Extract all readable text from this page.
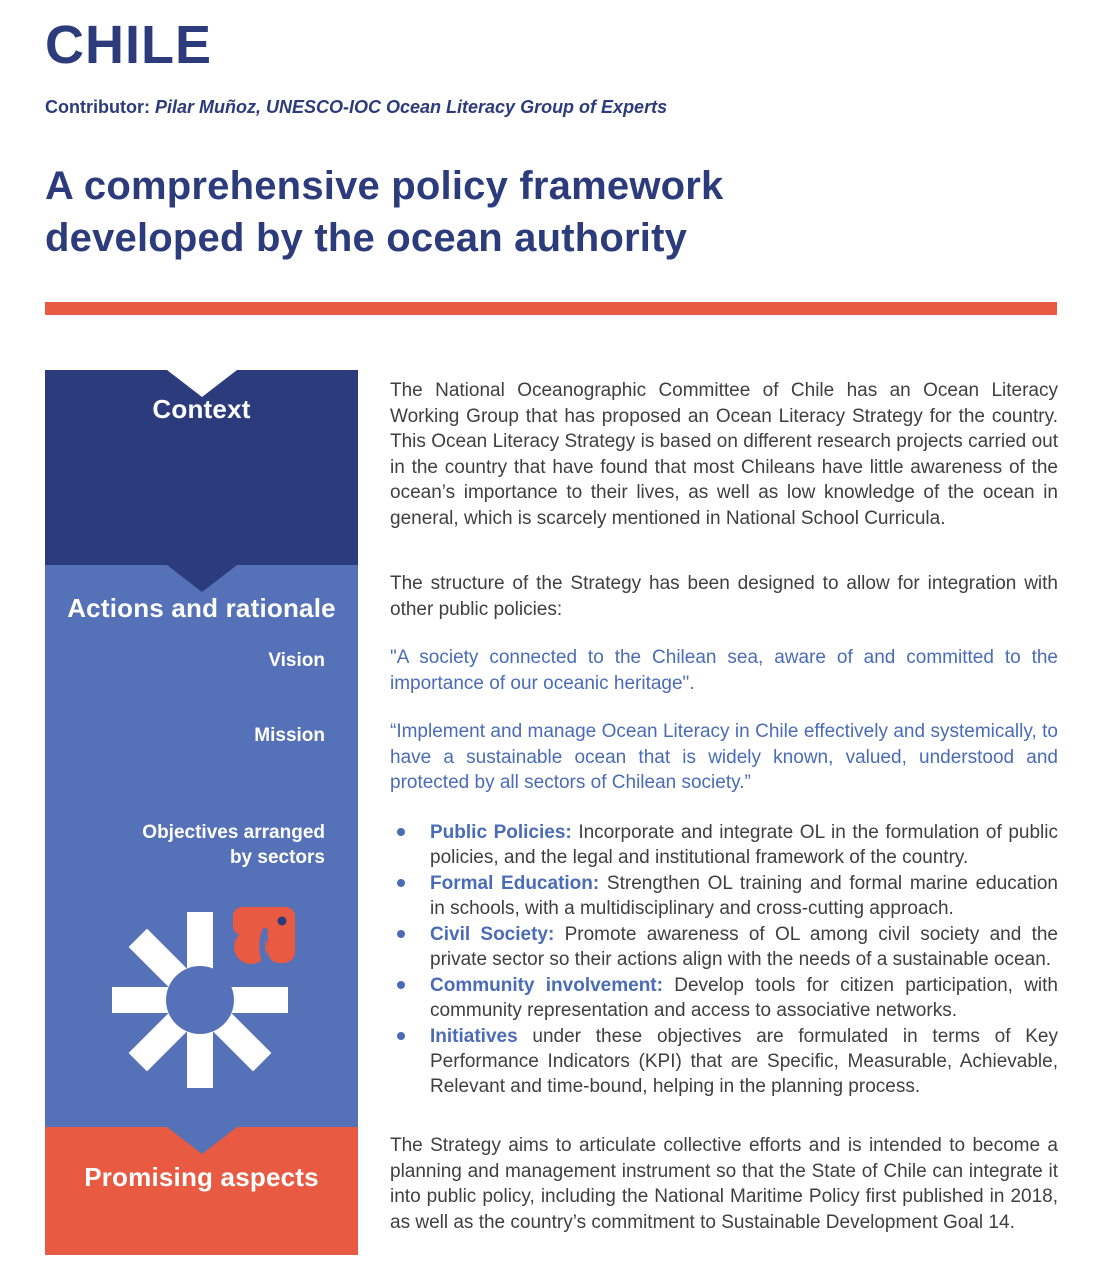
CHILE
Contributor: Pilar Muñoz, UNESCO-IOC Ocean Literacy Group of Experts
A comprehensive policy framework
developed by the ocean authority
Context
Actions and rationale
Vision
Mission
Objectives arranged by sectors
Promising aspects

The National Oceanographic Committee of Chile has an Ocean Literacy Working Group that has proposed an Ocean Literacy Strategy for the country. This Ocean Literacy Strategy is based on different research projects carried out in the country that have found that most Chileans have little awareness of the ocean’s importance to their lives, as well as low knowledge of the ocean in general, which is scarcely mentioned in National School Curricula.

The structure of the Strategy has been designed to allow for integration with other public policies:

"A society connected to the Chilean sea, aware of and committed to the importance of our oceanic heritage".

“Implement and manage Ocean Literacy in Chile effectively and systemically, to have a sustainable ocean that is widely known, valued, understood and protected by all sectors of Chilean society.”

Public Policies: Incorporate and integrate OL in the formulation of public policies, and the legal and institutional framework of the country.
Formal Education: Strengthen OL training and formal marine education in schools, with a multidisciplinary and cross-cutting approach.
Civil Society: Promote awareness of OL among civil society and the private sector so their actions align with the needs of a sustainable ocean.
Community involvement: Develop tools for citizen participation, with community representation and access to associative networks.
Initiatives under these objectives are formulated in terms of Key Performance Indicators (KPI) that are Specific, Measurable, Achievable, Relevant and time-bound, helping in the planning process.

The Strategy aims to articulate collective efforts and is intended to become a planning and management instrument so that the State of Chile can integrate it into public policy, including the National Maritime Policy first published in 2018, as well as the country’s commitment to Sustainable Development Goal 14.
